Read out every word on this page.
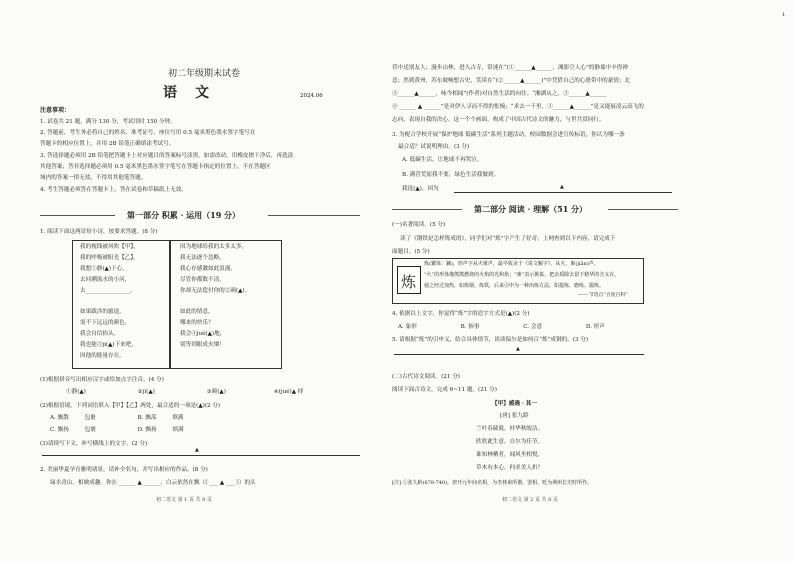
1
初二年级期末试卷
语文	2024.06
注意事项：
1. 试卷共 21 题，满分 130 分，考试用时 150 分钟。
2. 答题前，考生务必将自己的姓名、准考证号、座位号用 0.5 毫米黑色墨水签字笔写在
答题卡的相应位置上，并用 2B 铅笔正确填涂考试号。
3. 答选择题必须用 2B 铅笔把答题卡上对应题目的答案标号涂黑，如需改动，用橡皮擦干净后，再选涂
其他答案；答非选择题必须用 0.5 毫米黑色墨水签字笔写在答题卡指定的位置上，不在答题区
域内的答案一律无效，不得用其他笔答题。
4. 考生答题必须答在答题卡上，答在试卷和草稿纸上无效。
第一部分 积累 · 运用（19 分）
1. 阅读下面这两首短小诗，按要求答题。(8 分)
我的视线被风吹【甲】，
我的呼吸被阳光【乙】，
我想①静(▲)下心，
去回溯流水的小河，
去________________。

如果跋涉的旅途，
需不下远远的颜色，
我会自信抬头，
我也能③ji(▲)下来吧，
因他的能量存在。
因为地球给我的太多太多，
我无法逐个忽略，
我心存感激如此浪漫，
尽管你都数不清，
你却无法偿付你的②颜(▲)。

如此的情意，
哪来的快乐？
我会④jué(▲)地，
别等到眼成火烟！
(1)根据拼音写出相应汉字或给加点字注音。(4 分)
①静(▲)	②jì(▲)	③颜(▲)	④(jué)▲ 择
(2)根据语境，下列词语填入【甲】【乙】两处，最合适的一项是(▲)(2 分)
A. 飘散	包裹	B. 飘荡	填满
C. 飘扬	包裹	D. 飘扬	填满
(3)请续写下文，补写横线上的文字。(2 分)
▲
2. 美丽华夏孕育雅明诸景。请补全名句，并写出相应的作品。(8 分)
绿水青山，相映成趣。你在 ______ ▲ ______，白云依然在飘（《 ___ ▲ ___ 》）的头
初二语文 第 1 页 共 8 页
营中送别友人；漫步山林，进入古寺，常迷在“(①______▲______，滩影空人心”的静谧中辛得禅
意；然到黄州，苏东坡畅想古史，笑谈在“(②______▲______)”中凭借自己的心愿带中的豪情；北
③______▲______，咏今相闻”(作者)对自然生活的向往；“湘湖从之，③______▲______
④ ______ ▲ ______”是对伊人寻而不得的怅惋；“求去一千里，③______▲______”是又能展凌云高飞的
志向，表现自我的决心。这一个个画面，构成了中国古代诗文的魅力，与世共赏同行。
3. 为配合学校开展“保护地球 低碳生活”系列主题活动，校园数据会进宣传标语，你认为哪一条
最合适？试说明理由。(3 分)
A. 低碳生活，让地球不再哭泣。
B. 满营荒原我不要，绿色生活我做到。
我选(▲)，因为	▲
第二部分 阅读 · 理解（51 分）
(一)名著阅读。(5 分)
读了《钢铁是怎样炼成的》，同学们对“炼”字产生了好奇，上网查到以下内容，请完成下
面题目。(5 分)
炼
炼(繁体：鍊)，形声字从火柬声，最早收录于《说文解字》，从火，柬(jiǎn)声。
“火”的形体像熊熊燃烧的火焰的光和焰；“柬”表示挑拣，把杂质除去留下精华的含义在，
使之经过加热，如炼钢、炼铁，后来引申为一种冶炼方法，如提炼，磨练、锻炼。
—— 节选自“百度百科”
4. 依据以上文字，你觉得“炼”字的造字方式是(▲)(2 分)
A. 象形	B. 指事	C. 会意	D. 形声
5. 请根据“炼”的引申义，结合具体情节，谈谈保尔是如何百“炼”成钢的。(3 分)
▲
(二)古代诗文阅读。(21 分)
阅读下面古诗文，完成 6~11 题。(21 分)
【甲】感遇 · 其一
[唐] 张九龄
兰叶春葳蕤，桂华秋皎洁。
欣欣此生意，自尔为佳节。
谁知林栖者，闻风坐相悦。
草木有本心，何求美人折？
[注] ①张九龄(678-740)，唐开元年间名相，为李林甫所谮，罢相，贬为荆州长史时所作。
初二语文 第 2 页 共 8 页
